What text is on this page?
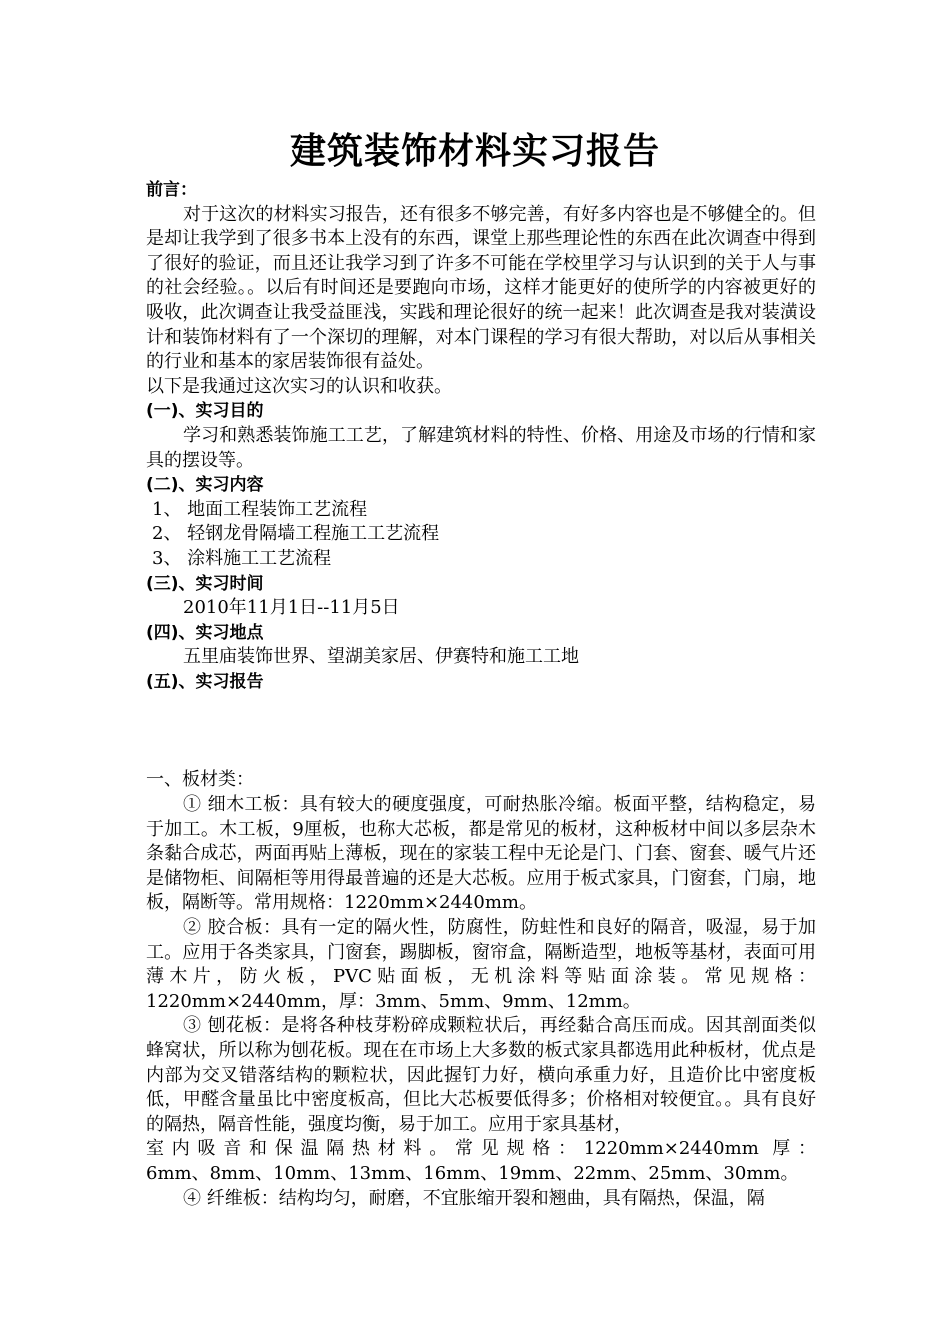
建筑装饰材料实习报告

前言：

对于这次的材料实习报告，还有很多不够完善，有好多内容也是不够健全的。但是却让我学到了很多书本上没有的东西，课堂上那些理论性的东西在此次调查中得到了很好的验证，而且还让我学习到了许多不可能在学校里学习与认识到的关于人与事的社会经验。。以后有时间还是要跑向市场，这样才能更好的使所学的内容被更好的吸收，此次调查让我受益匪浅，实践和理论很好的统一起来！此次调查是我对装潢设计和装饰材料有了一个深切的理解，对本门课程的学习有很大帮助，对以后从事相关的行业和基本的家居装饰很有益处。

以下是我通过这次实习的认识和收获。

(一)、实习目的

学习和熟悉装饰施工工艺，了解建筑材料的特性、价格、用途及市场的行情和家具的摆设等。

(二)、实习内容

1、 地面工程装饰工艺流程

2、 轻钢龙骨隔墙工程施工工艺流程

3、 涂料施工工艺流程

(三)、实习时间

2010年11月1日--11月5日

(四)、实习地点

五里庙装饰世界、望湖美家居、伊赛特和施工工地

(五)、实习报告

一、板材类：

① 细木工板：具有较大的硬度强度，可耐热胀冷缩。板面平整，结构稳定，易于加工。木工板，9厘板，也称大芯板，都是常见的板材，这种板材中间以多层杂木条黏合成芯，两面再贴上薄板，现在的家装工程中无论是门、门套、窗套、暖气片还是储物柜、间隔柜等用得最普遍的还是大芯板。应用于板式家具，门窗套，门扇，地板，隔断等。常用规格：1220mm×2440mm。

② 胶合板：具有一定的隔火性，防腐性，防蛀性和良好的隔音，吸湿，易于加工。应用于各类家具，门窗套，踢脚板，窗帘盒，隔断造型，地板等基材，表面可用薄木片，防火板，PVC贴面板，无机涂料等贴面涂装。常见规格：1220mm×2440mm，厚：3mm、5mm、9mm、12mm。

③ 刨花板：是将各种枝芽粉碎成颗粒状后，再经黏合高压而成。因其剖面类似蜂窝状，所以称为刨花板。现在在市场上大多数的板式家具都选用此种板材，优点是内部为交叉错落结构的颗粒状，因此握钉力好，横向承重力好，且造价比中密度板低，甲醛含量虽比中密度板高，但比大芯板要低得多；价格相对较便宜。。具有良好的隔热，隔音性能，强度均衡，易于加工。应用于家具基材，

室内吸音和保温隔热材料。常见规格：1220mm×2440mm 厚：

6mm、8mm、10mm、13mm、16mm、19mm、22mm、25mm、30mm。

④ 纤维板：结构均匀，耐磨，不宜胀缩开裂和翘曲，具有隔热，保温，隔
